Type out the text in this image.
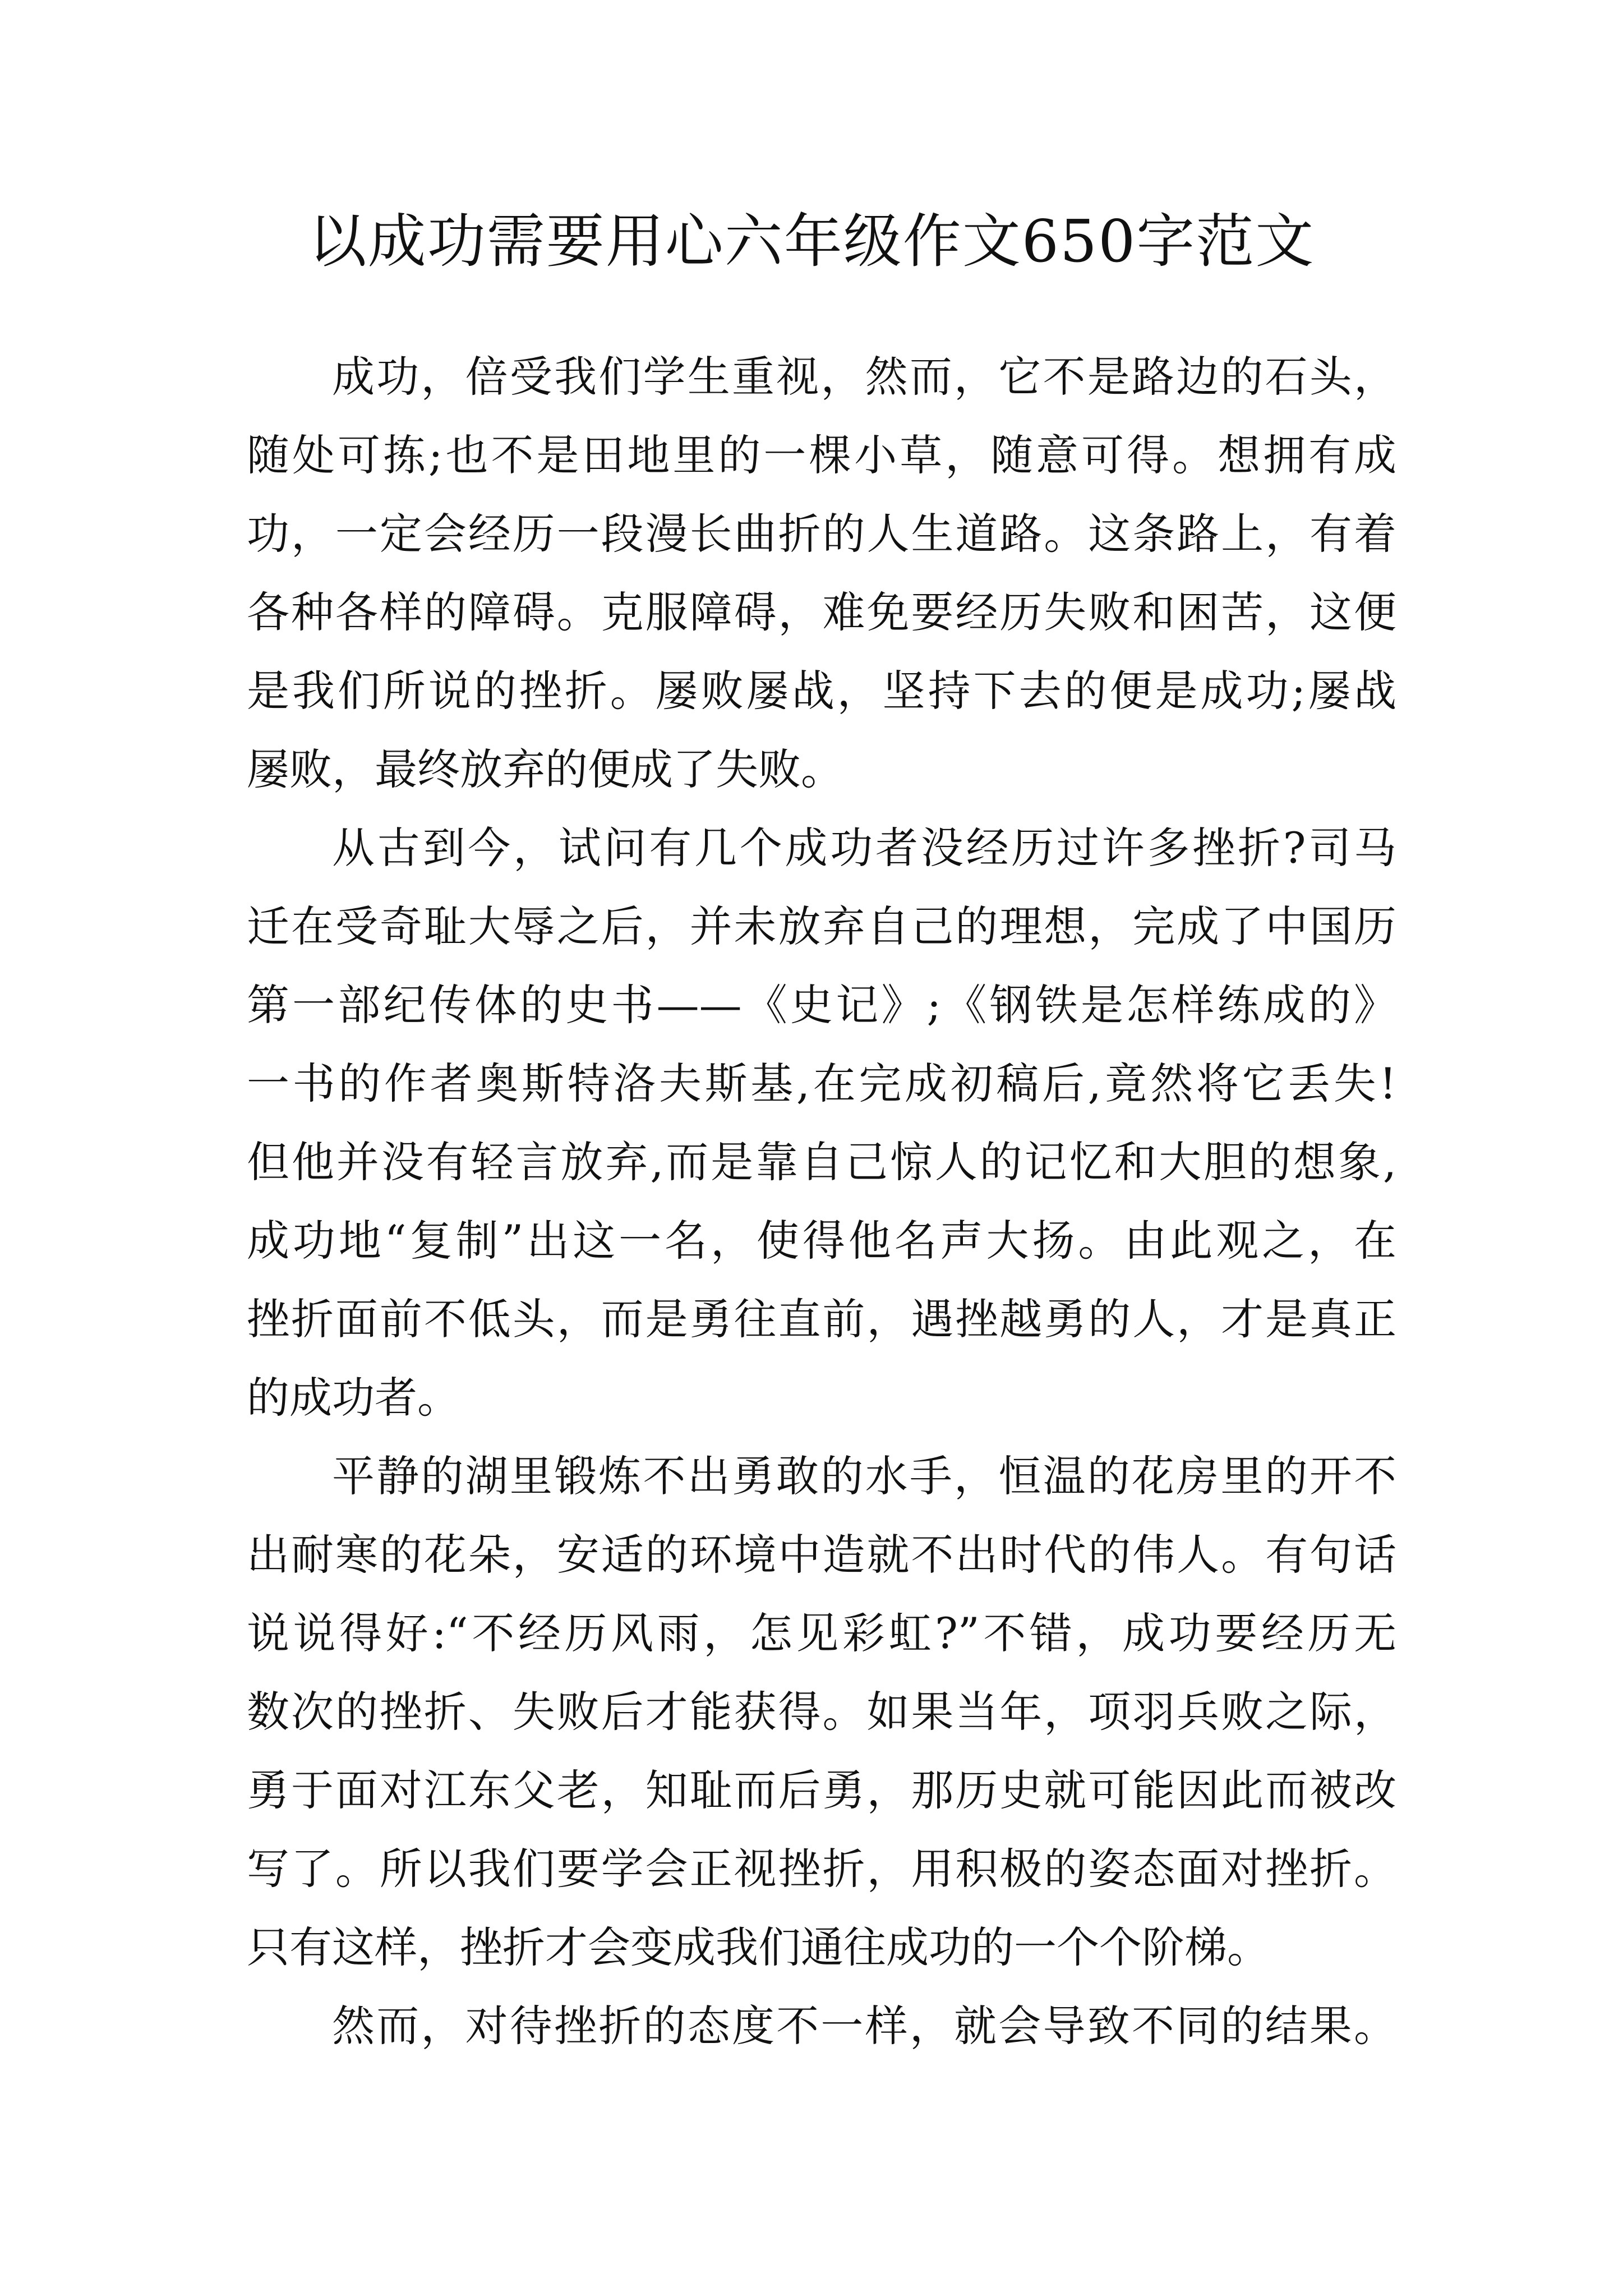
以成功需要用心六年级作文650字范文
成功，倍受我们学生重视，然而，它不是路边的石头，
随处可拣;也不是田地里的一棵小草，随意可得。想拥有成
功，一定会经历一段漫长曲折的人生道路。这条路上，有着
各种各样的障碍。克服障碍，难免要经历失败和困苦，这便
是我们所说的挫折。屡败屡战，坚持下去的便是成功;屡战
屡败，最终放弃的便成了失败。
从古到今，试问有几个成功者没经历过许多挫折?司马
迁在受奇耻大辱之后，并未放弃自己的理想，完成了中国历
第一部纪传体的史书——《史记》;《钢铁是怎样练成的》
一书的作者奥斯特洛夫斯基,在完成初稿后,竟然将它丢失!
但他并没有轻言放弃,而是靠自己惊人的记忆和大胆的想象,
成功地“复制”出这一名，使得他名声大扬。由此观之，在
挫折面前不低头，而是勇往直前，遇挫越勇的人，才是真正
的成功者。
平静的湖里锻炼不出勇敢的水手，恒温的花房里的开不
出耐寒的花朵，安适的环境中造就不出时代的伟人。有句话
说说得好:“不经历风雨，怎见彩虹?”不错，成功要经历无
数次的挫折、失败后才能获得。如果当年，项羽兵败之际，
勇于面对江东父老，知耻而后勇，那历史就可能因此而被改
写了。所以我们要学会正视挫折，用积极的姿态面对挫折。
只有这样，挫折才会变成我们通往成功的一个个阶梯。
然而，对待挫折的态度不一样，就会导致不同的结果。
